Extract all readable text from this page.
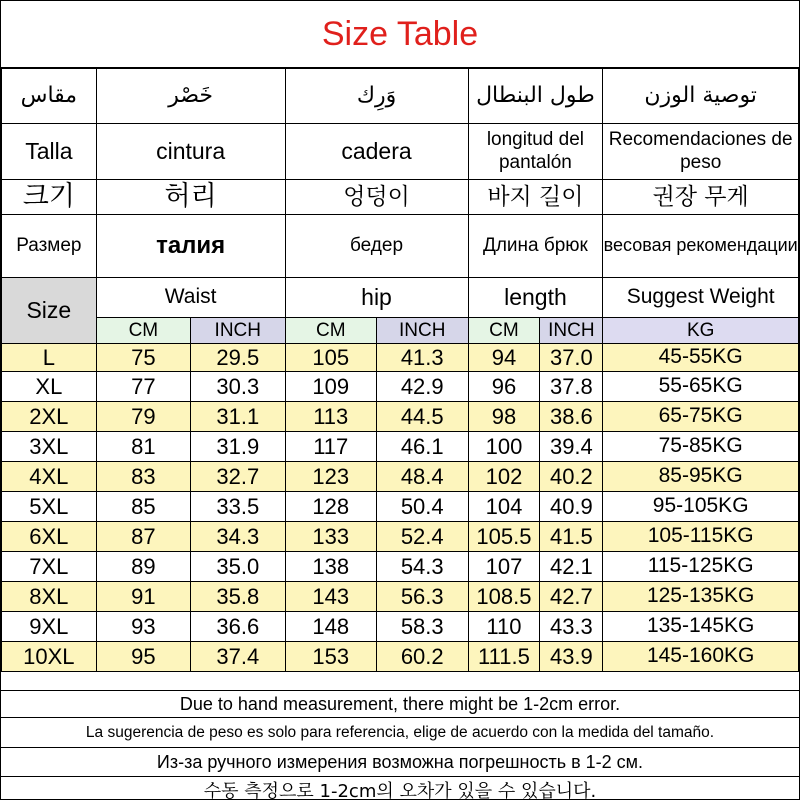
Size Table
مقاس	خَصْر		وَرِك		طول البنطال		توصية الوزن
Talla	cintura		cadera		longitud del pantalón		Recomendaciones de peso
크기	허리		엉덩이		바지 길이		권장 무게
Размер	талия		бедер		Длина брюк		весовая рекомендации
Size	Waist		hip		length		Suggest Weight
	CM	INCH	CM	INCH	CM	INCH	KG
L	75	29.5	105	41.3	94	37.0	45-55KG
XL	77	30.3	109	42.9	96	37.8	55-65KG
2XL	79	31.1	113	44.5	98	38.6	65-75KG
3XL	81	31.9	117	46.1	100	39.4	75-85KG
4XL	83	32.7	123	48.4	102	40.2	85-95KG
5XL	85	33.5	128	50.4	104	40.9	95-105KG
6XL	87	34.3	133	52.4	105.5	41.5	105-115KG
7XL	89	35.0	138	54.3	107	42.1	115-125KG
8XL	91	35.8	143	56.3	108.5	42.7	125-135KG
9XL	93	36.6	148	58.3	110	43.3	135-145KG
10XL	95	37.4	153	60.2	111.5	43.9	145-160KG
Due to hand measurement, there might be 1-2cm error.
La sugerencia de peso es solo para referencia, elige de acuerdo con la medida del tamaño.
Из-за ручного измерения возможна погрешность в 1-2 см.
수동 측정으로 1-2cm의 오차가 있을 수 있습니다.
